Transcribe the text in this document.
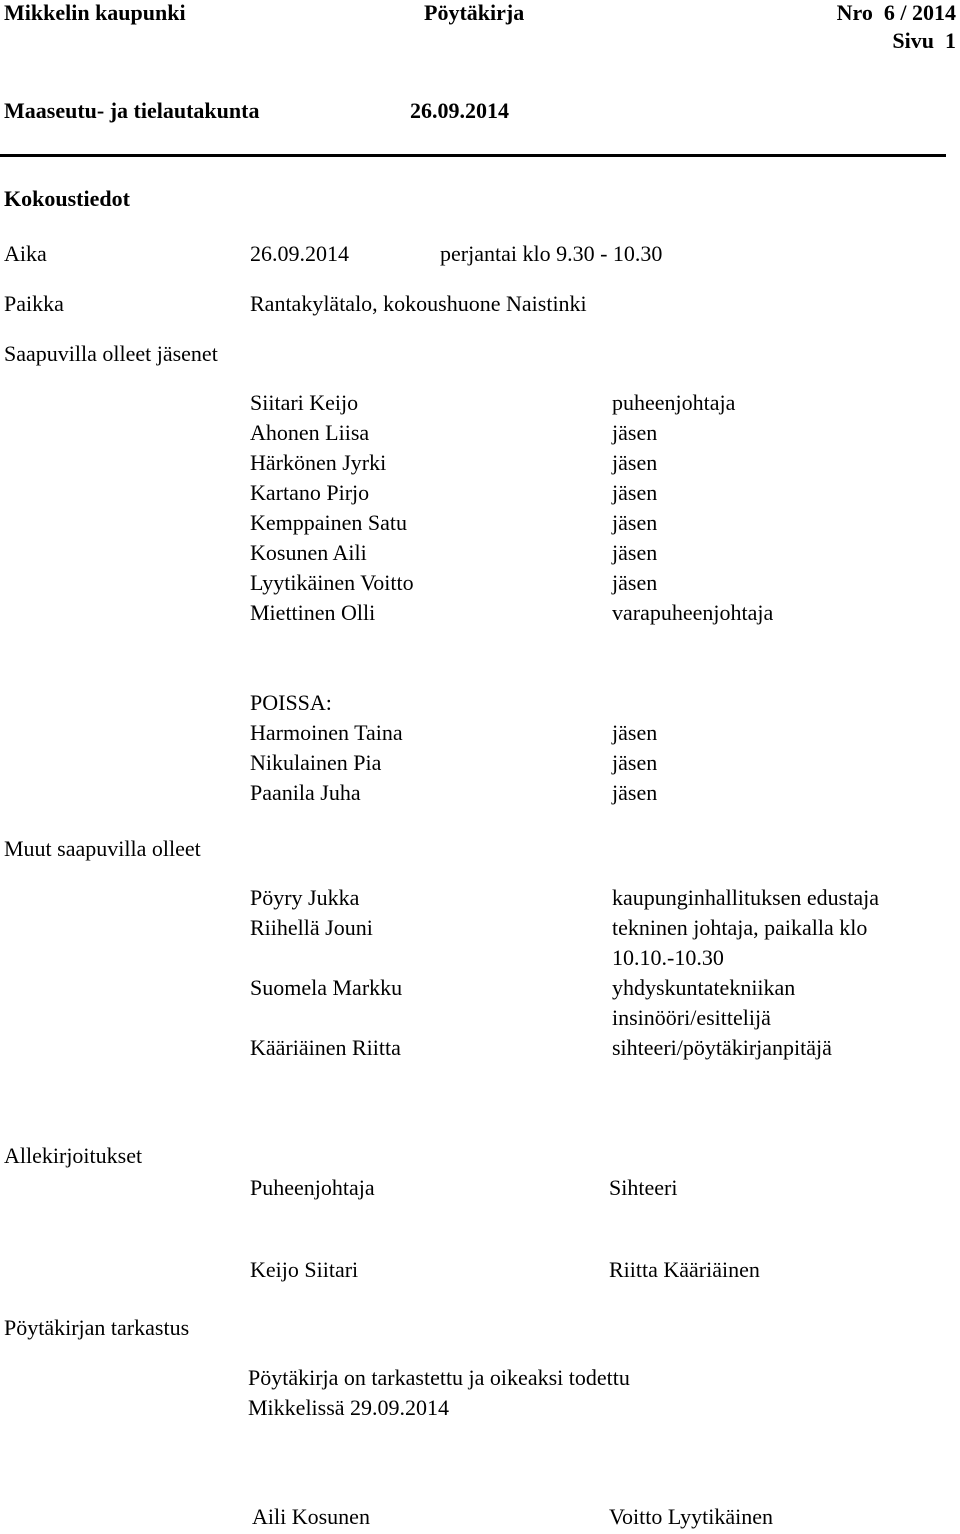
Mikkelin kaupunki	Pöytäkirja	Nro  6 / 2014
Sivu  1
Maaseutu- ja tielautakunta	26.09.2014
Kokoustiedot
Aika	26.09.2014	perjantai klo 9.30 - 10.30
Paikka	Rantakylätalo, kokoushuone Naistinki
Saapuvilla olleet jäsenet
Siitari Keijo	puheenjohtaja
Ahonen Liisa	jäsen
Härkönen Jyrki	jäsen
Kartano Pirjo	jäsen
Kemppainen Satu	jäsen
Kosunen Aili	jäsen
Lyytikäinen Voitto	jäsen
Miettinen Olli	varapuheenjohtaja
POISSA:
Harmoinen Taina	jäsen
Nikulainen Pia	jäsen
Paanila Juha	jäsen
Muut saapuvilla olleet
Pöyry Jukka	kaupunginhallituksen edustaja
Riihellä Jouni	tekninen johtaja, paikalla klo
10.10.-10.30
Suomela Markku	yhdyskuntatekniikan
insinööri/esittelijä
Kääriäinen Riitta	sihteeri/pöytäkirjanpitäjä
Allekirjoitukset
Puheenjohtaja	Sihteeri
Keijo Siitari	Riitta Kääriäinen
Pöytäkirjan tarkastus
Pöytäkirja on tarkastettu ja oikeaksi todettu
Mikkelissä 29.09.2014
Aili Kosunen	Voitto Lyytikäinen
